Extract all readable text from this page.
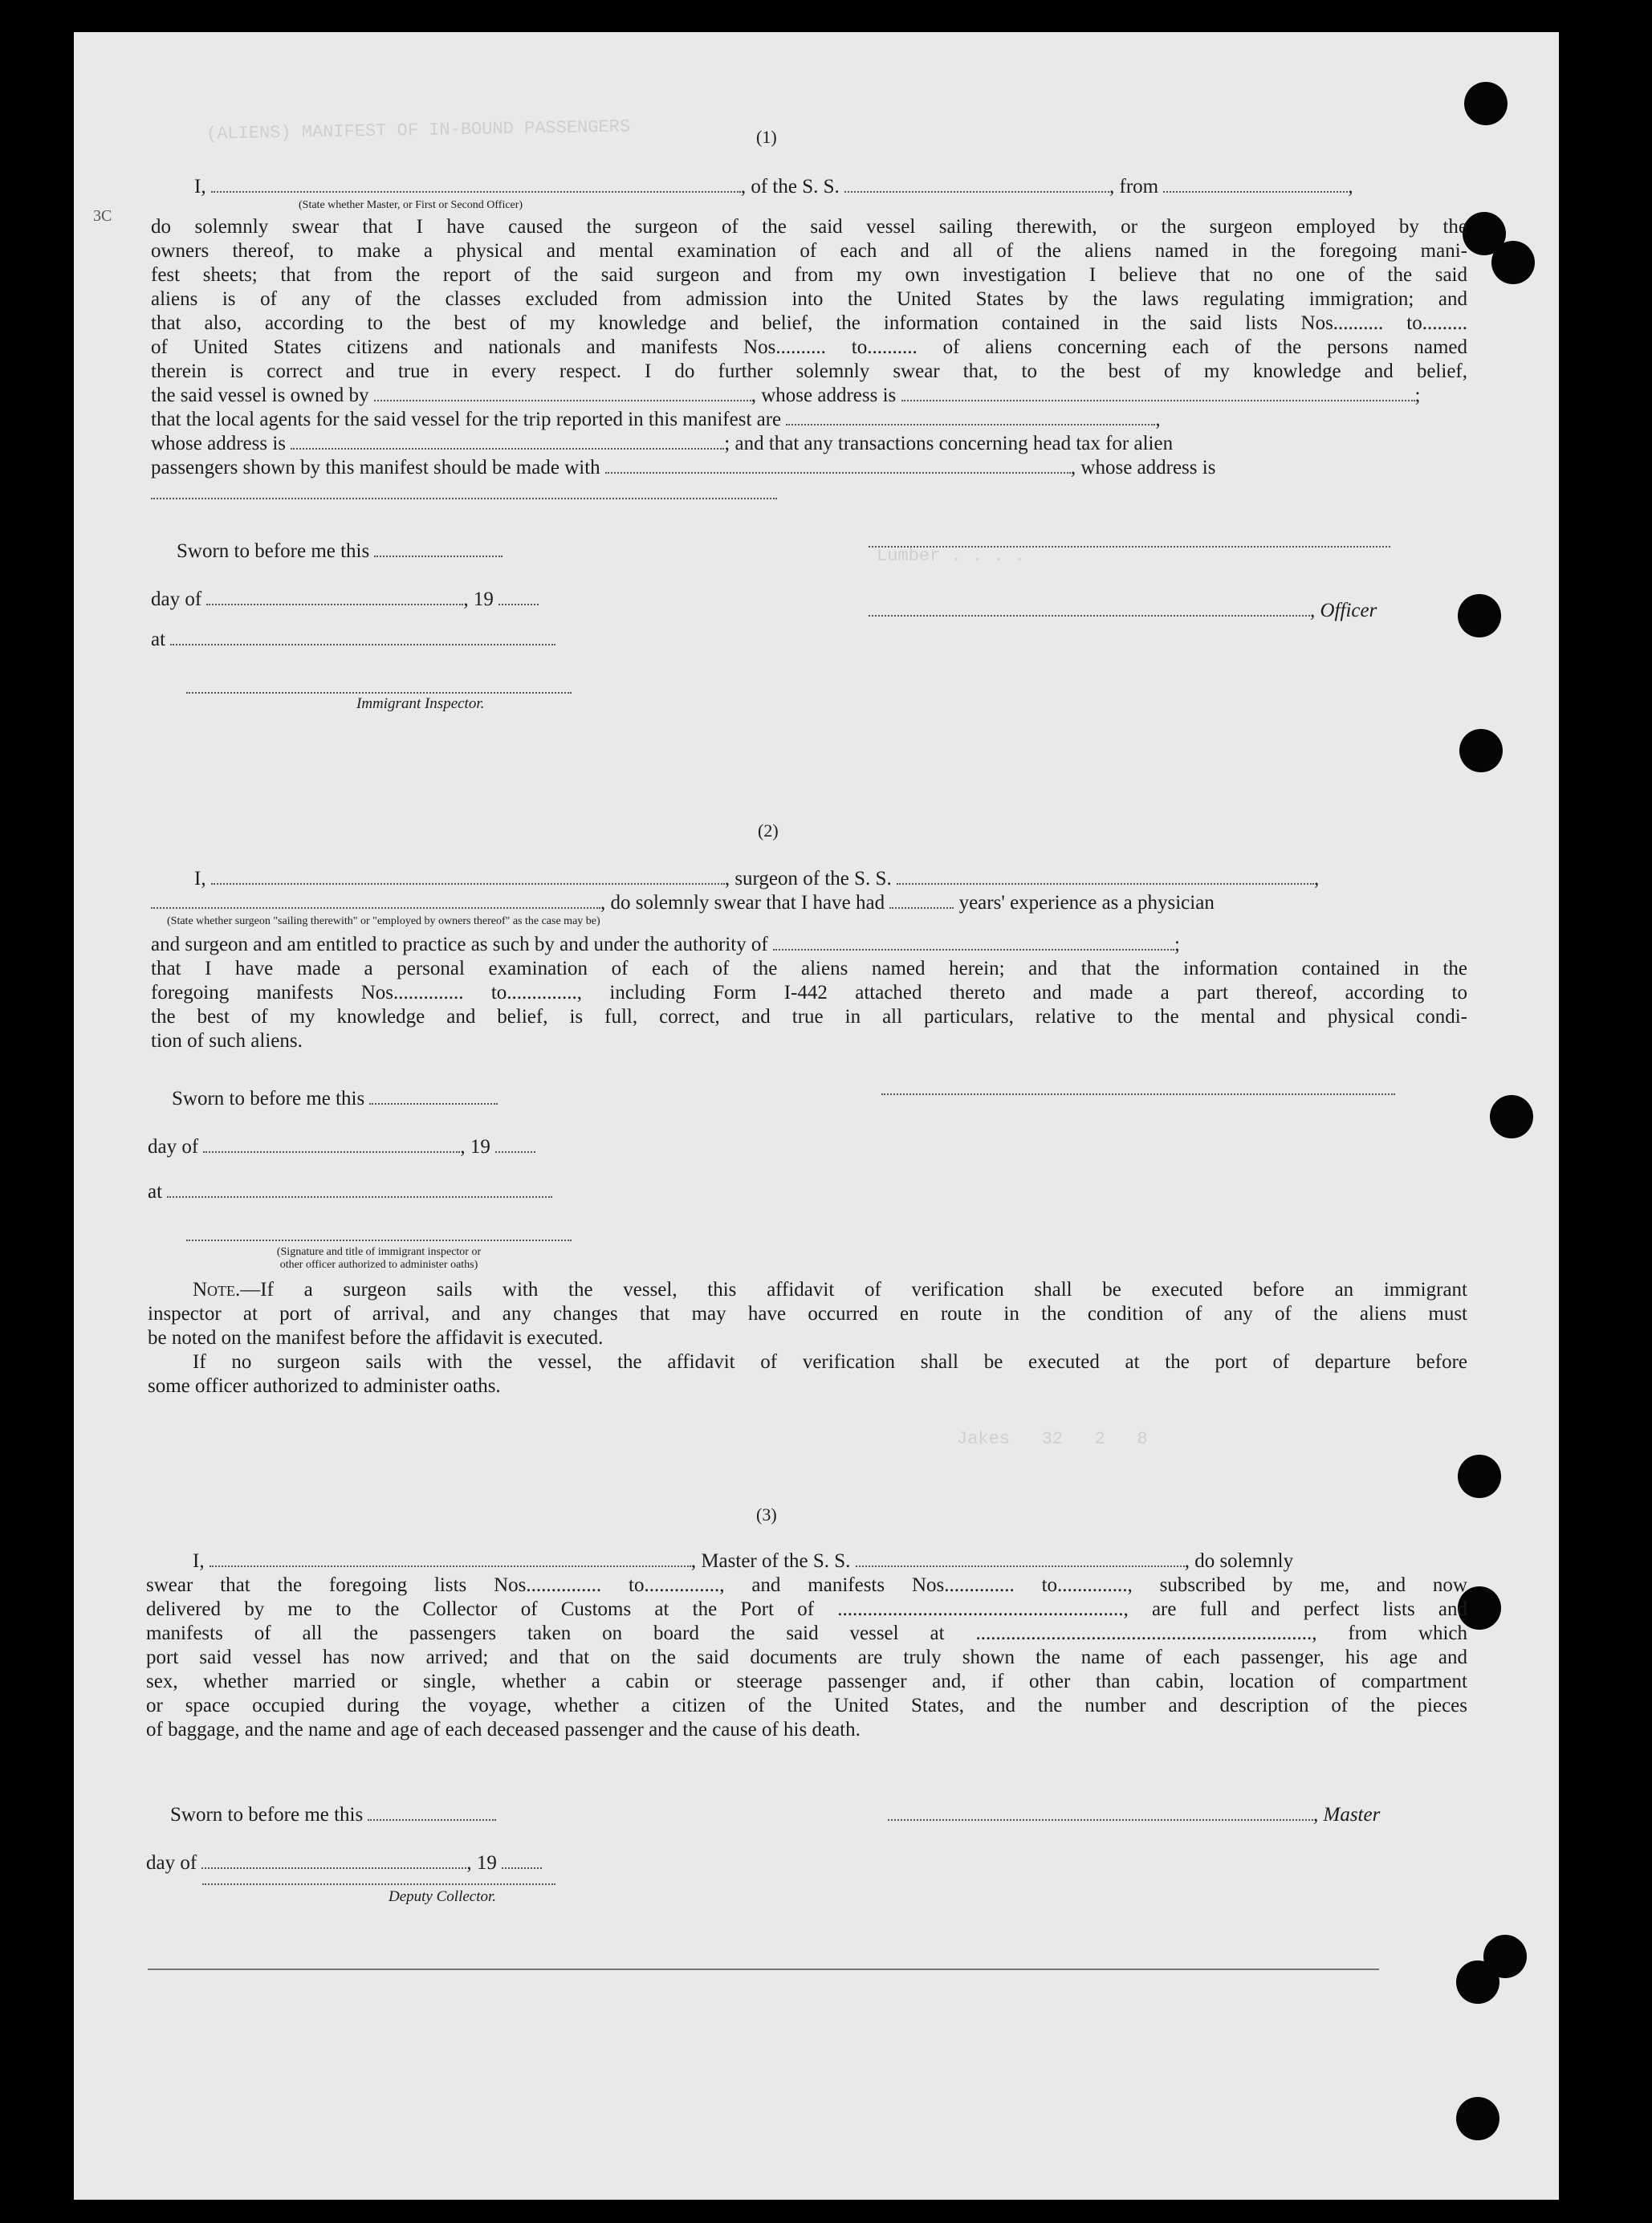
(ALIENS) MANIFEST OF IN-BOUND PASSENGERS
Lumber . . . .
Jakes   32   2   8
3C
(1)
I,	, of the S. S.	, from	,
(State whether Master, or First or Second Officer)
do solemnly swear that I have caused the surgeon of the said vessel sailing therewith, or the surgeon employed by the
owners thereof, to make a physical and mental examination of each and all of the aliens named in the foregoing mani-
fest sheets; that from the report of the said surgeon and from my own investigation I believe that no one of the said
aliens is of any of the classes excluded from admission into the United States by the laws regulating immigration; and
that also, according to the best of my knowledge and belief, the information contained in the said lists Nos.......... to.........
of United States citizens and nationals and manifests Nos.......... to.......... of aliens concerning each of the persons named
therein is correct and true in every respect. I do further solemnly swear that, to the best of my knowledge and belief,
the said vessel is owned by	, whose address is	;
that the local agents for the said vessel for the trip reported in this manifest are	,
whose address is	; and that any transactions concerning head tax for alien
passengers shown by this manifest should be made with	, whose address is
Sworn to before me this
day of	, 19
, Officer
at
Immigrant Inspector.
(2)
I,	, surgeon of the S. S.	,
, do solemnly swear that I have had	years' experience as a physician
(State whether surgeon "sailing therewith" or "employed by owners thereof" as the case may be)
and surgeon and am entitled to practice as such by and under the authority of	;
that I have made a personal examination of each of the aliens named herein; and that the information contained in the
foregoing manifests Nos.............. to.............., including Form I-442 attached thereto and made a part thereof, according to
the best of my knowledge and belief, is full, correct, and true in all particulars, relative to the mental and physical condi-
tion of such aliens.
Sworn to before me this
day of	, 19
at
(Signature and title of immigrant inspector or
other officer authorized to administer oaths)
Note.—If a surgeon sails with the vessel, this affidavit of verification shall be executed before an immigrant
inspector at port of arrival, and any changes that may have occurred en route in the condition of any of the aliens must
be noted on the manifest before the affidavit is executed.
If no surgeon sails with the vessel, the affidavit of verification shall be executed at the port of departure before
some officer authorized to administer oaths.
(3)
I,	, Master of the S. S.	, do solemnly
swear that the foregoing lists Nos............... to..............., and manifests Nos.............. to.............., subscribed by me, and now
delivered by me to the Collector of Customs at the Port of ........................................................., are full and perfect lists and
manifests of all the passengers taken on board the said vessel at ..................................................................., from which
port said vessel has now arrived; and that on the said documents are truly shown the name of each passenger, his age and
sex, whether married or single, whether a cabin or steerage passenger and, if other than cabin, location of compartment
or space occupied during the voyage, whether a citizen of the United States, and the number and description of the pieces
of baggage, and the name and age of each deceased passenger and the cause of his death.
Sworn to before me this	, Master
day of	, 19
Deputy Collector.
